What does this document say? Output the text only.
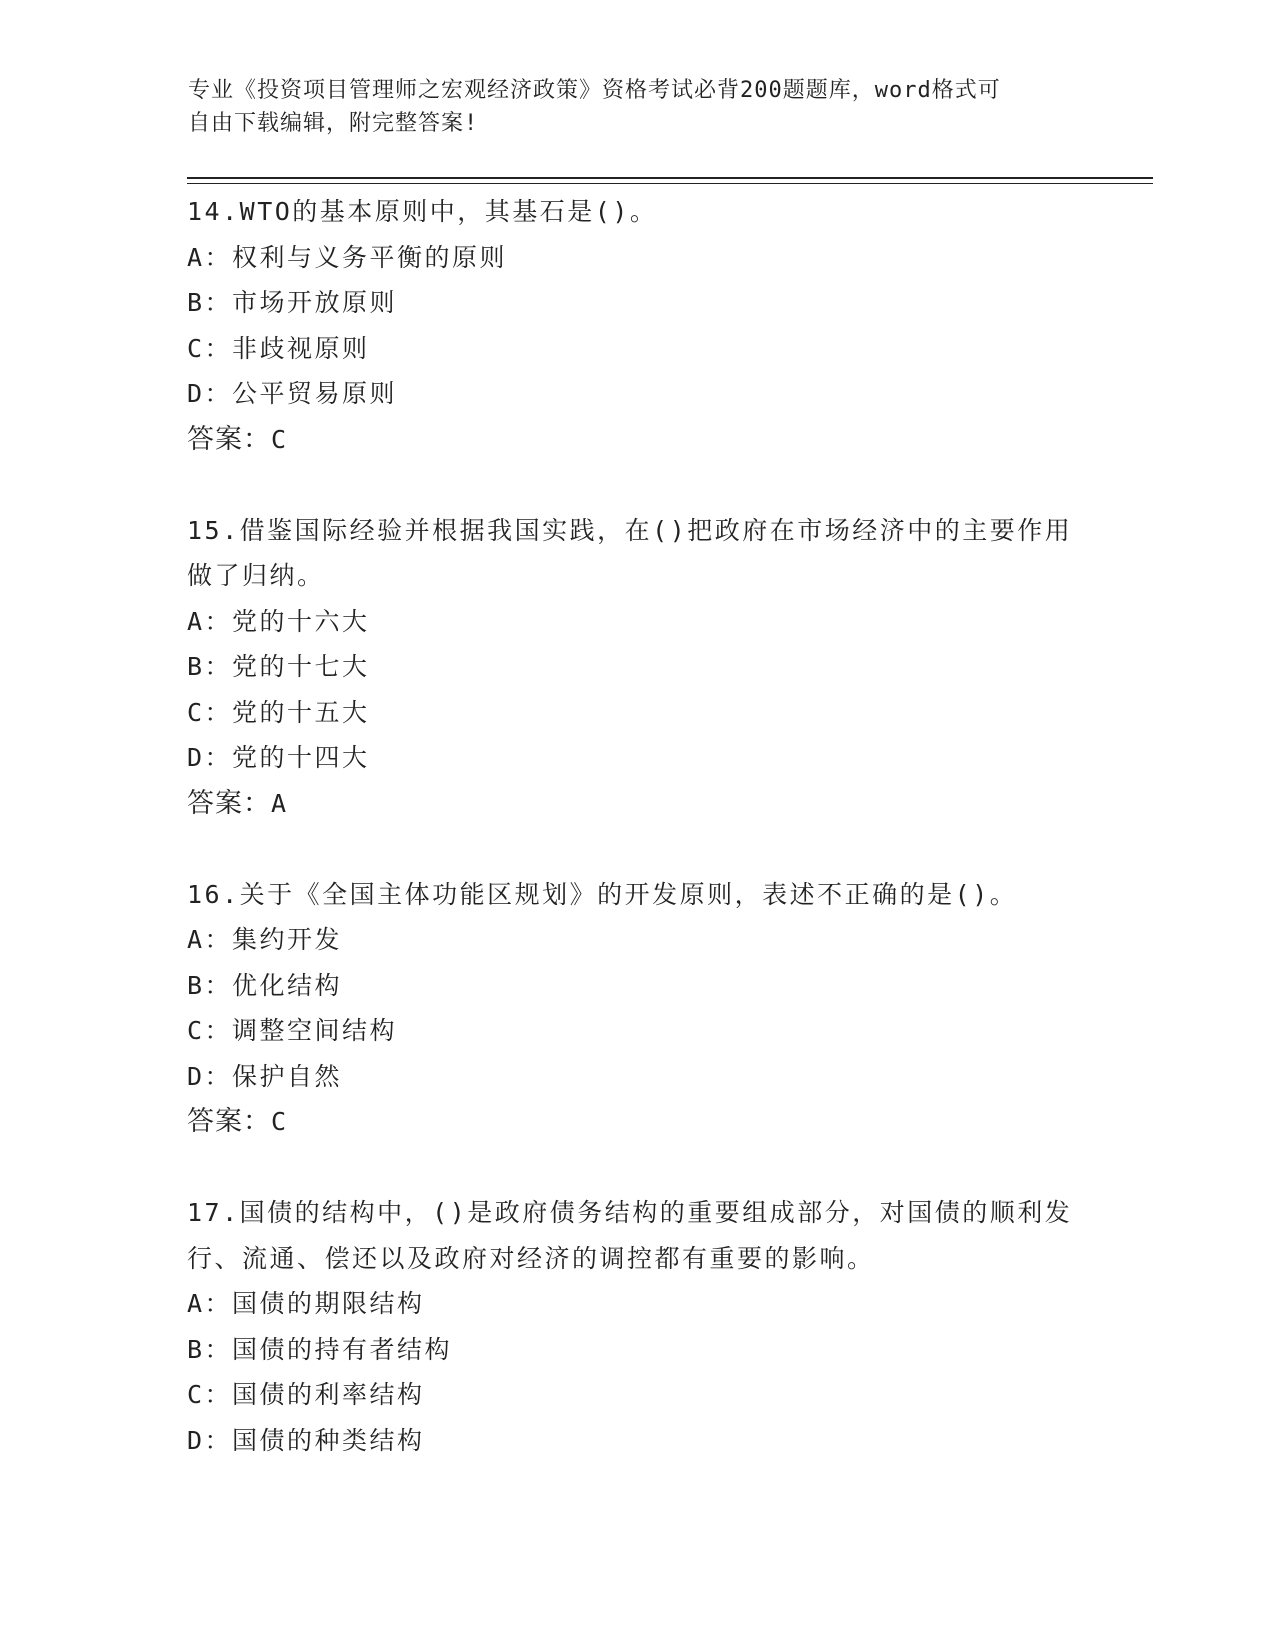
专业《投资项目管理师之宏观经济政策》资格考试必背200题题库，word格式可
自由下载编辑，附完整答案!
14.WTO的基本原则中，其基石是()。
A：权利与义务平衡的原则
B：市场开放原则
C：非歧视原则
D：公平贸易原则
答案：C
15.借鉴国际经验并根据我国实践，在()把政府在市场经济中的主要作用做了归纳。
A：党的十六大
B：党的十七大
C：党的十五大
D：党的十四大
答案：A
16.关于《全国主体功能区规划》的开发原则，表述不正确的是()。
A：集约开发
B：优化结构
C：调整空间结构
D：保护自然
答案：C
17.国债的结构中，()是政府债务结构的重要组成部分，对国债的顺利发行、流通、偿还以及政府对经济的调控都有重要的影响。
A：国债的期限结构
B：国债的持有者结构
C：国债的利率结构
D：国债的种类结构
